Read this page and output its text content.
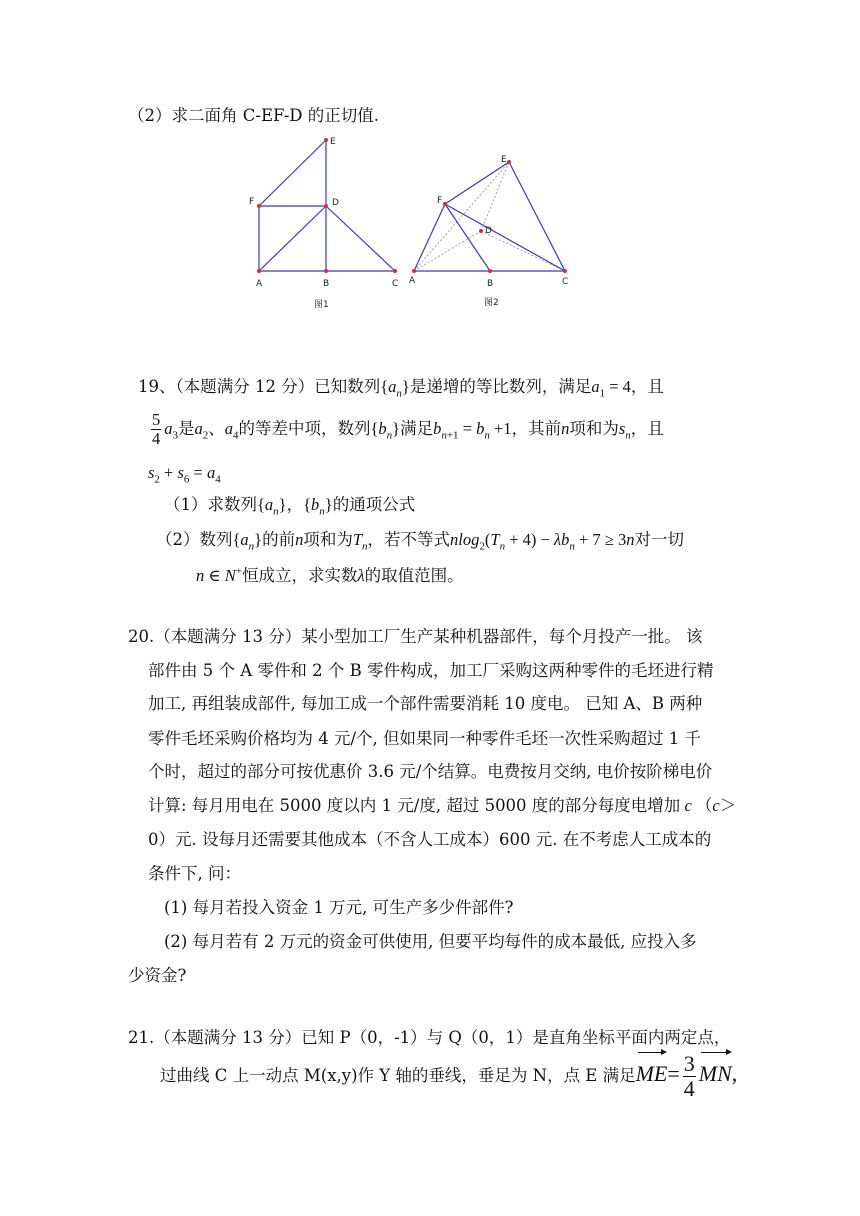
（2）求二面角 C-EF-D 的正切值.
E
F	D
A	B	C
图1
E
F
D
A	B	C
图2
19、（本题满分 12 分）已知数列$\{a_n\}$是递增的等比数列，满足$a_1 = 4$，且
$\frac{5}{4} a_3$是$a_2$、$a_4$的等差中项，数列$\{b_n\}$满足$b_{n+1} = b_n +1$，其前n项和为$s_n$，且
$s_2 + s_6 = a_4$
（1）求数列$\{a_n\}$，$\{b_n\}$的通项公式
（2）数列$\{a_n\}$的前n项和为$T_n$，若不等式$nlog_2(T_n + 4) - \lambda b_n + 7 \ge 3n$对一切
n ∈ N+恒成立，求实数λ的取值范围。
20.（本题满分 13 分）某小型加工厂生产某种机器部件，每个月投产一批。 该
部件由 5 个 A 零件和 2 个 B 零件构成，加工厂采购这两种零件的毛坯进行精
加工, 再组装成部件, 每加工成一个部件需要消耗 10 度电。 已知 A、B 两种
零件毛坯采购价格均为 4 元/个, 但如果同一种零件毛坯一次性采购超过 1 千
个时，超过的部分可按优惠价 3.6 元/个结算。电费按月交纳, 电价按阶梯电价
计算: 每月用电在 5000 度以内 1 元/度, 超过 5000 度的部分每度电增加 c （c＞
0）元. 设每月还需要其他成本（不含人工成本）600 元. 在不考虑人工成本的
条件下, 问：
(1) 每月若投入资金 1 万元, 可生产多少件部件?
(2) 每月若有 2 万元的资金可供使用, 但要平均每件的成本最低, 应投入多
少资金?
21.（本题满分 13 分）已知 P（0，-1）与 Q（0，1）是直角坐标平面内两定点，
过曲线 C 上一动点 M(x,y)作 Y 轴的垂线，垂足为 N，点 E 满足$ME= \frac{3}{4}$ MN,
